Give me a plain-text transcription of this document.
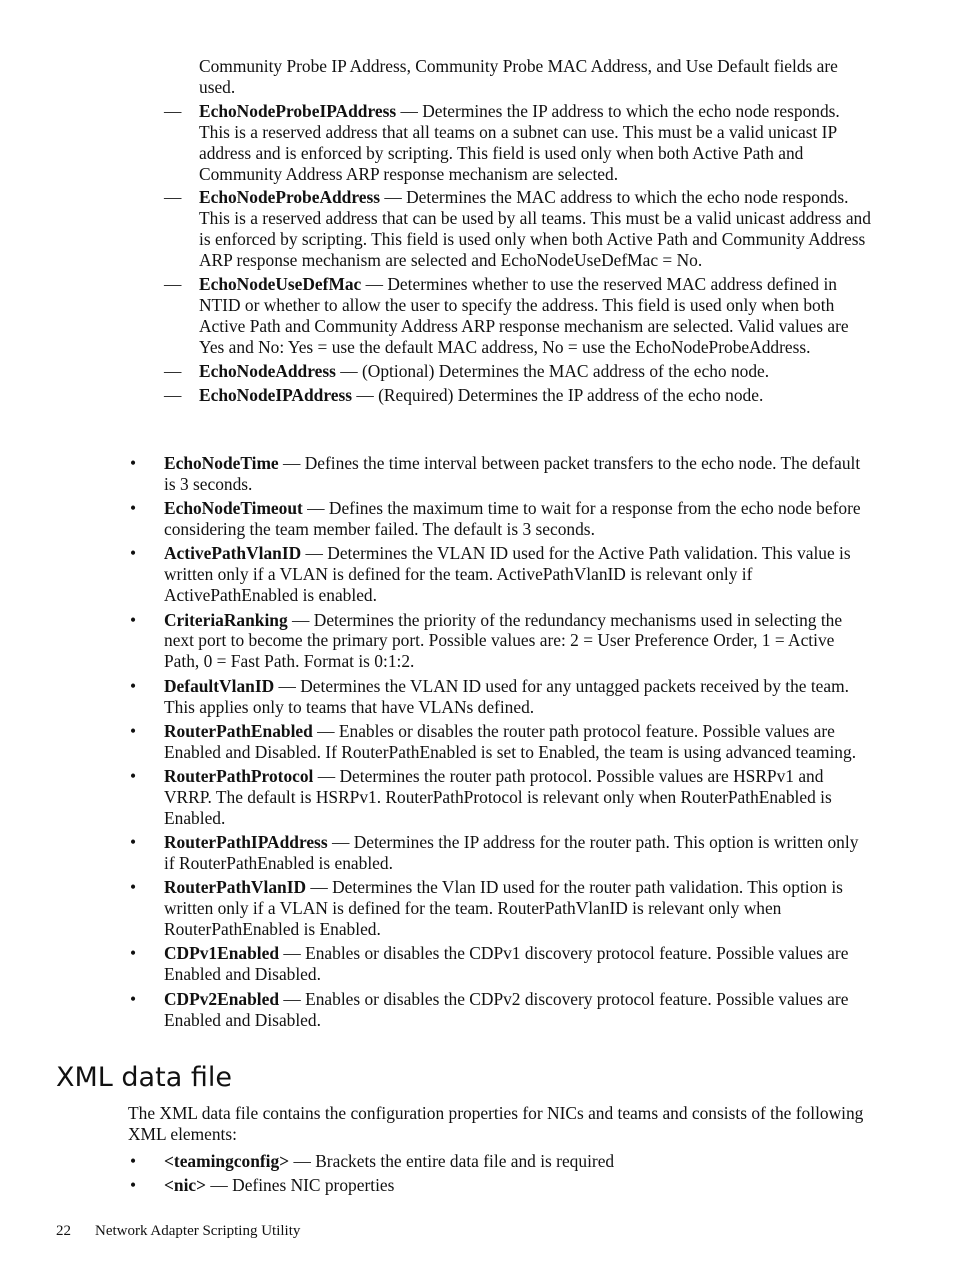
Community Probe IP Address, Community Probe MAC Address, and Use Default fields are used.
— EchoNodeProbeIPAddress — Determines the IP address to which the echo node responds. This is a reserved address that all teams on a subnet can use. This must be a valid unicast IP address and is enforced by scripting. This field is used only when both Active Path and Community Address ARP response mechanism are selected.
— EchoNodeProbeAddress — Determines the MAC address to which the echo node responds. This is a reserved address that can be used by all teams. This must be a valid unicast address and is enforced by scripting. This field is used only when both Active Path and Community Address ARP response mechanism are selected and EchoNodeUseDefMac = No.
— EchoNodeUseDefMac — Determines whether to use the reserved MAC address defined in NTID or whether to allow the user to specify the address. This field is used only when both Active Path and Community Address ARP response mechanism are selected. Valid values are Yes and No: Yes = use the default MAC address, No = use the EchoNodeProbeAddress.
— EchoNodeAddress — (Optional) Determines the MAC address of the echo node.
— EchoNodeIPAddress — (Required) Determines the IP address of the echo node.
• EchoNodeTime — Defines the time interval between packet transfers to the echo node. The default is 3 seconds.
• EchoNodeTimeout — Defines the maximum time to wait for a response from the echo node before considering the team member failed. The default is 3 seconds.
• ActivePathVlanID — Determines the VLAN ID used for the Active Path validation. This value is written only if a VLAN is defined for the team. ActivePathVlanID is relevant only if ActivePathEnabled is enabled.
• CriteriaRanking — Determines the priority of the redundancy mechanisms used in selecting the next port to become the primary port. Possible values are: 2 = User Preference Order, 1 = Active Path, 0 = Fast Path. Format is 0:1:2.
• DefaultVlanID — Determines the VLAN ID used for any untagged packets received by the team. This applies only to teams that have VLANs defined.
• RouterPathEnabled — Enables or disables the router path protocol feature. Possible values are Enabled and Disabled. If RouterPathEnabled is set to Enabled, the team is using advanced teaming.
• RouterPathProtocol — Determines the router path protocol. Possible values are HSRPv1 and VRRP. The default is HSRPv1. RouterPathProtocol is relevant only when RouterPathEnabled is Enabled.
• RouterPathIPAddress — Determines the IP address for the router path. This option is written only if RouterPathEnabled is enabled.
• RouterPathVlanID — Determines the Vlan ID used for the router path validation. This option is written only if a VLAN is defined for the team. RouterPathVlanID is relevant only when RouterPathEnabled is Enabled.
• CDPv1Enabled — Enables or disables the CDPv1 discovery protocol feature. Possible values are Enabled and Disabled.
• CDPv2Enabled — Enables or disables the CDPv2 discovery protocol feature. Possible values are Enabled and Disabled.
XML data file

The XML data file contains the configuration properties for NICs and teams and consists of the following XML elements:

• <teamingconfig> — Brackets the entire data file and is required
• <nic> — Defines NIC properties
22 Network Adapter Scripting Utility
